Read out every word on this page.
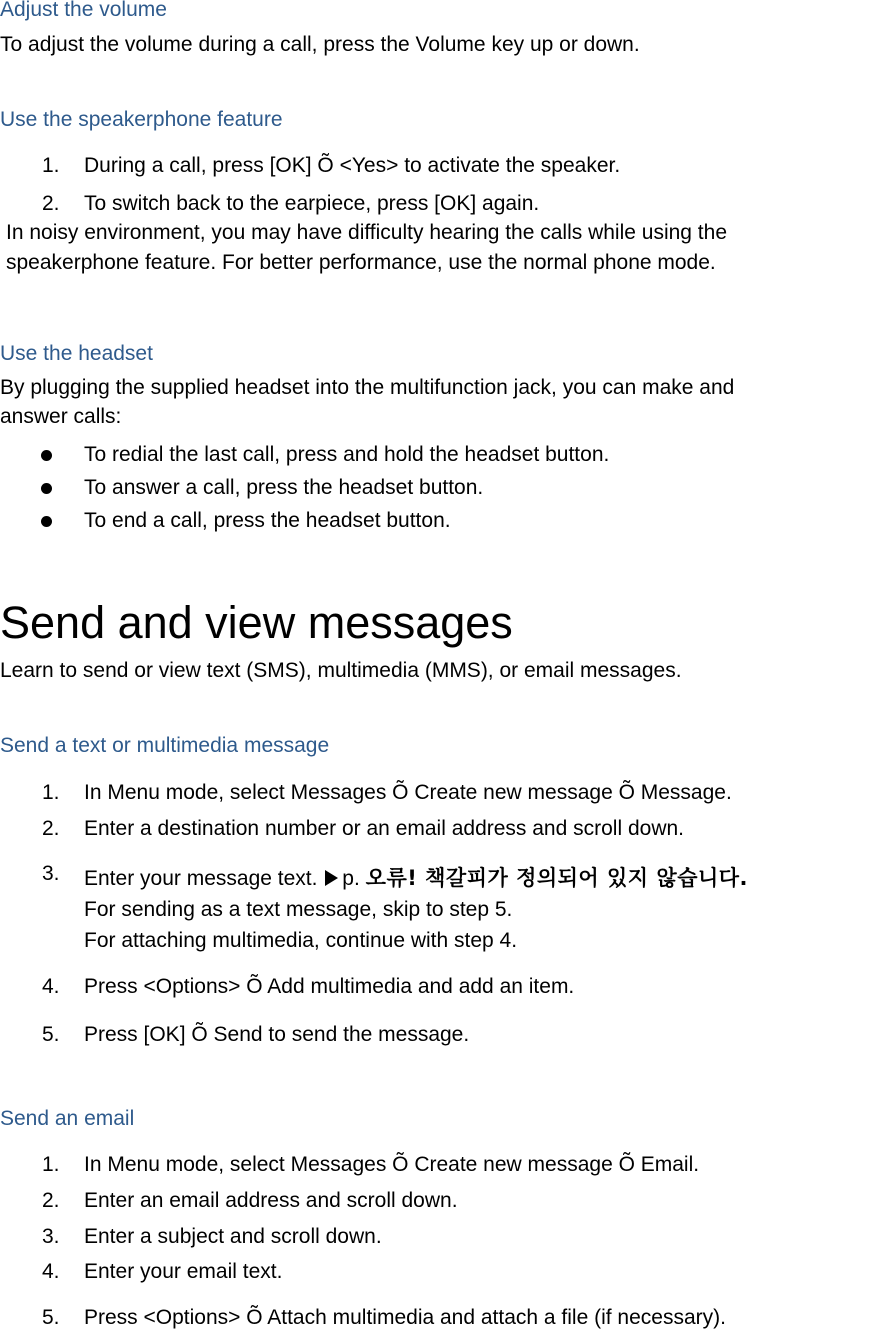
Adjust the volume
To adjust the volume during a call, press the Volume key up or down.
Use the speakerphone feature
1. During a call, press [OK] Õ <Yes> to activate the speaker.
2. To switch back to the earpiece, press [OK] again.
In noisy environment, you may have difficulty hearing the calls while using the
speakerphone feature. For better performance, use the normal phone mode.
Use the headset
By plugging the supplied headset into the multifunction jack, you can make and
answer calls:
To redial the last call, press and hold the headset button.
To answer a call, press the headset button.
To end a call, press the headset button.
Send and view messages
Learn to send or view text (SMS), multimedia (MMS), or email messages.
Send a text or multimedia message
1. In Menu mode, select Messages Õ Create new message Õ Message.
2. Enter a destination number or an email address and scroll down.
3. Enter your message text. p. 오류! 책갈피가 정의되어 있지 않습니다.
For sending as a text message, skip to step 5.
For attaching multimedia, continue with step 4.
4. Press <Options> Õ Add multimedia and add an item.
5. Press [OK] Õ Send to send the message.
Send an email
1. In Menu mode, select Messages Õ Create new message Õ Email.
2. Enter an email address and scroll down.
3. Enter a subject and scroll down.
4. Enter your email text.
5. Press <Options> Õ Attach multimedia and attach a file (if necessary).
